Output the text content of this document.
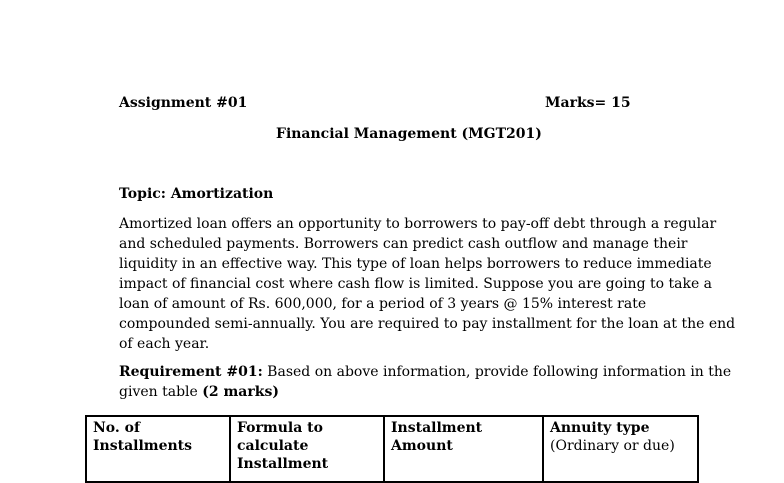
Assignment #01	Marks= 15
Financial Management (MGT201)
Topic: Amortization
Amortized loan offers an opportunity to borrowers to pay-off debt through a regular
and scheduled payments. Borrowers can predict cash outflow and manage their
liquidity in an effective way. This type of loan helps borrowers to reduce immediate
impact of financial cost where cash flow is limited. Suppose you are going to take a
loan of amount of Rs. 600,000, for a period of 3 years @ 15% interest rate
compounded semi-annually. You are required to pay installment for the loan at the end
of each year.
Requirement #01: Based on above information, provide following information in the
given table (2 marks)
No. of
Installments

Formula to calculate
Installment

Installment Amount

Annuity type
(Ordinary or due)
